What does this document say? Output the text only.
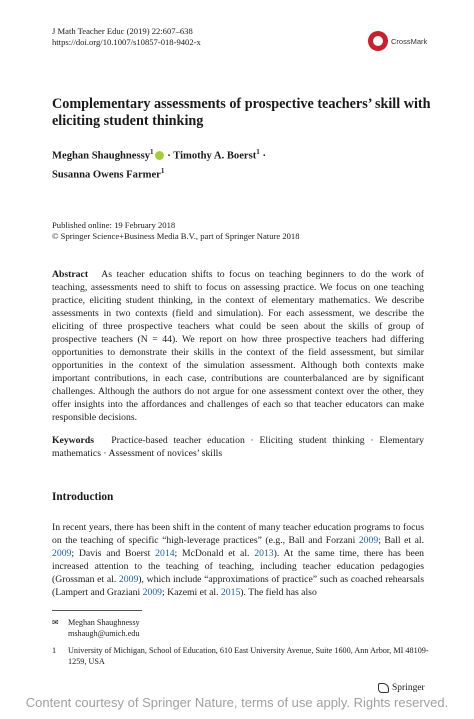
J Math Teacher Educ (2019) 22:607–638
https://doi.org/10.1007/s10857-018-9402-x	CrossMark
Complementary assessments of prospective teachers’ skill with eliciting student thinking
Meghan Shaughnessy$^1$ · Timothy A. Boerst$^1$ ·
Susanna Owens Farmer$^1$
Published online: 19 February 2018
© Springer Science+Business Media B.V., part of Springer Nature 2018
Abstract As teacher education shifts to focus on teaching beginners to do the work of teaching, assessments need to shift to focus on assessing practice. We focus on one teaching practice, eliciting student thinking, in the context of elementary mathematics. We describe assessments in two contexts (field and simulation). For each assessment, we describe the eliciting of three prospective teachers what could be seen about the skills of group of prospective teachers (N = 44). We report on how three prospective teachers had differing opportunities to demonstrate their skills in the context of the field assessment, but similar opportunities in the context of the simulation assessment. Although both contexts make important contributions, in each case, contributions are counterbalanced are by significant challenges. Although the authors do not argue for one assessment context over the other, they offer insights into the affordances and challenges of each so that teacher educators can make responsible decisions.
Keywords Practice-based teacher education · Eliciting student thinking · Elementary mathematics · Assessment of novices’ skills
Introduction
In recent years, there has been shift in the content of many teacher education programs to focus on the teaching of specific “high-leverage practices” (e.g., Ball and Forzani 2009; Ball et al. 2009; Davis and Boerst 2014; McDonald et al. 2013). At the same time, there has been increased attention to the teaching of teaching, including teacher education pedagogies (Grossman et al. 2009), which include “approximations of practice” such as coached rehearsals (Lampert and Graziani 2009; Kazemi et al. 2015). The field has also
✉	Meghan Shaughnessy
mshaugh@umich.edu
1	University of Michigan, School of Education, 610 East University Avenue, Suite 1600, Ann Arbor, MI 48109-1259, USA
Springer
Content courtesy of Springer Nature, terms of use apply. Rights reserved.
